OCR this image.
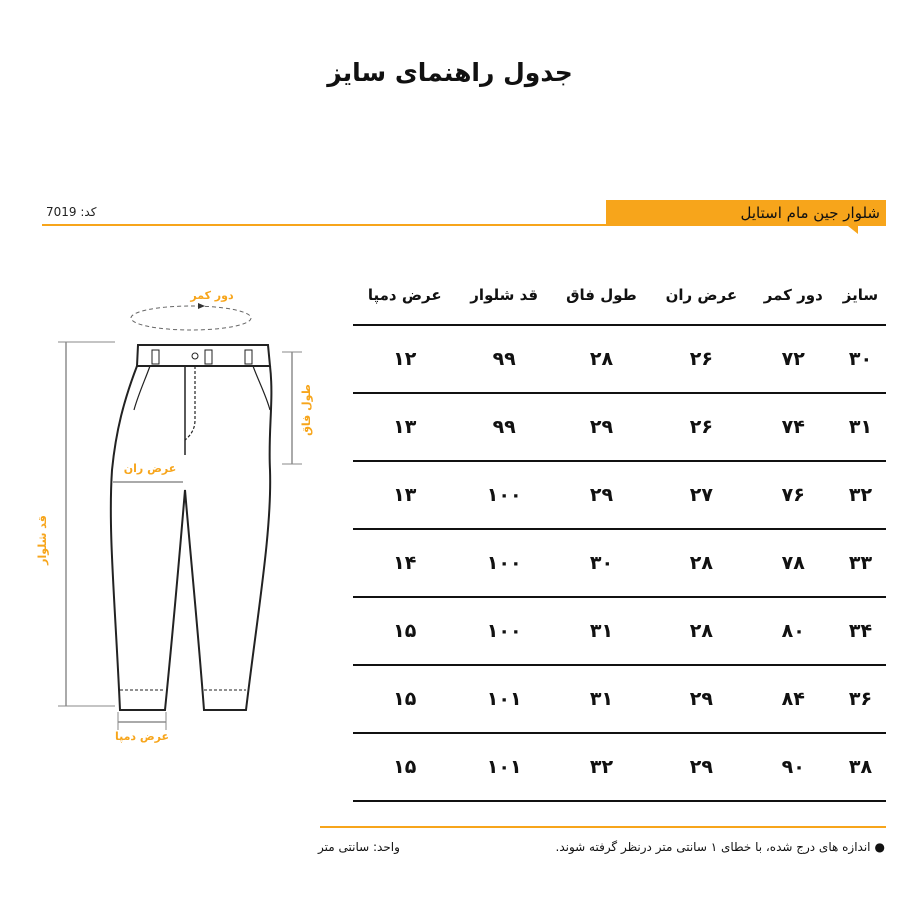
جدول راهنمای سایز
کد: 7019	شلوار جین مام استایل
دور کمر
قد شلوار
طول فاق
عرض ران
عرض دمپا
سایز	دور کمر	عرض ران	طول فاق	قد شلوار	عرض دمپا
۳۰	۷۲	۲۶	۲۸	۹۹	۱۲
۳۱	۷۴	۲۶	۲۹	۹۹	۱۳
۳۲	۷۶	۲۷	۲۹	۱۰۰	۱۳
۳۳	۷۸	۲۸	۳۰	۱۰۰	۱۴
۳۴	۸۰	۲۸	۳۱	۱۰۰	۱۵
۳۶	۸۴	۲۹	۳۱	۱۰۱	۱۵
۳۸	۹۰	۲۹	۳۲	۱۰۱	۱۵
●اندازه های درج شده، با خطای ۱ سانتی متر درنظر گرفته شوند.
واحد: سانتی متر
